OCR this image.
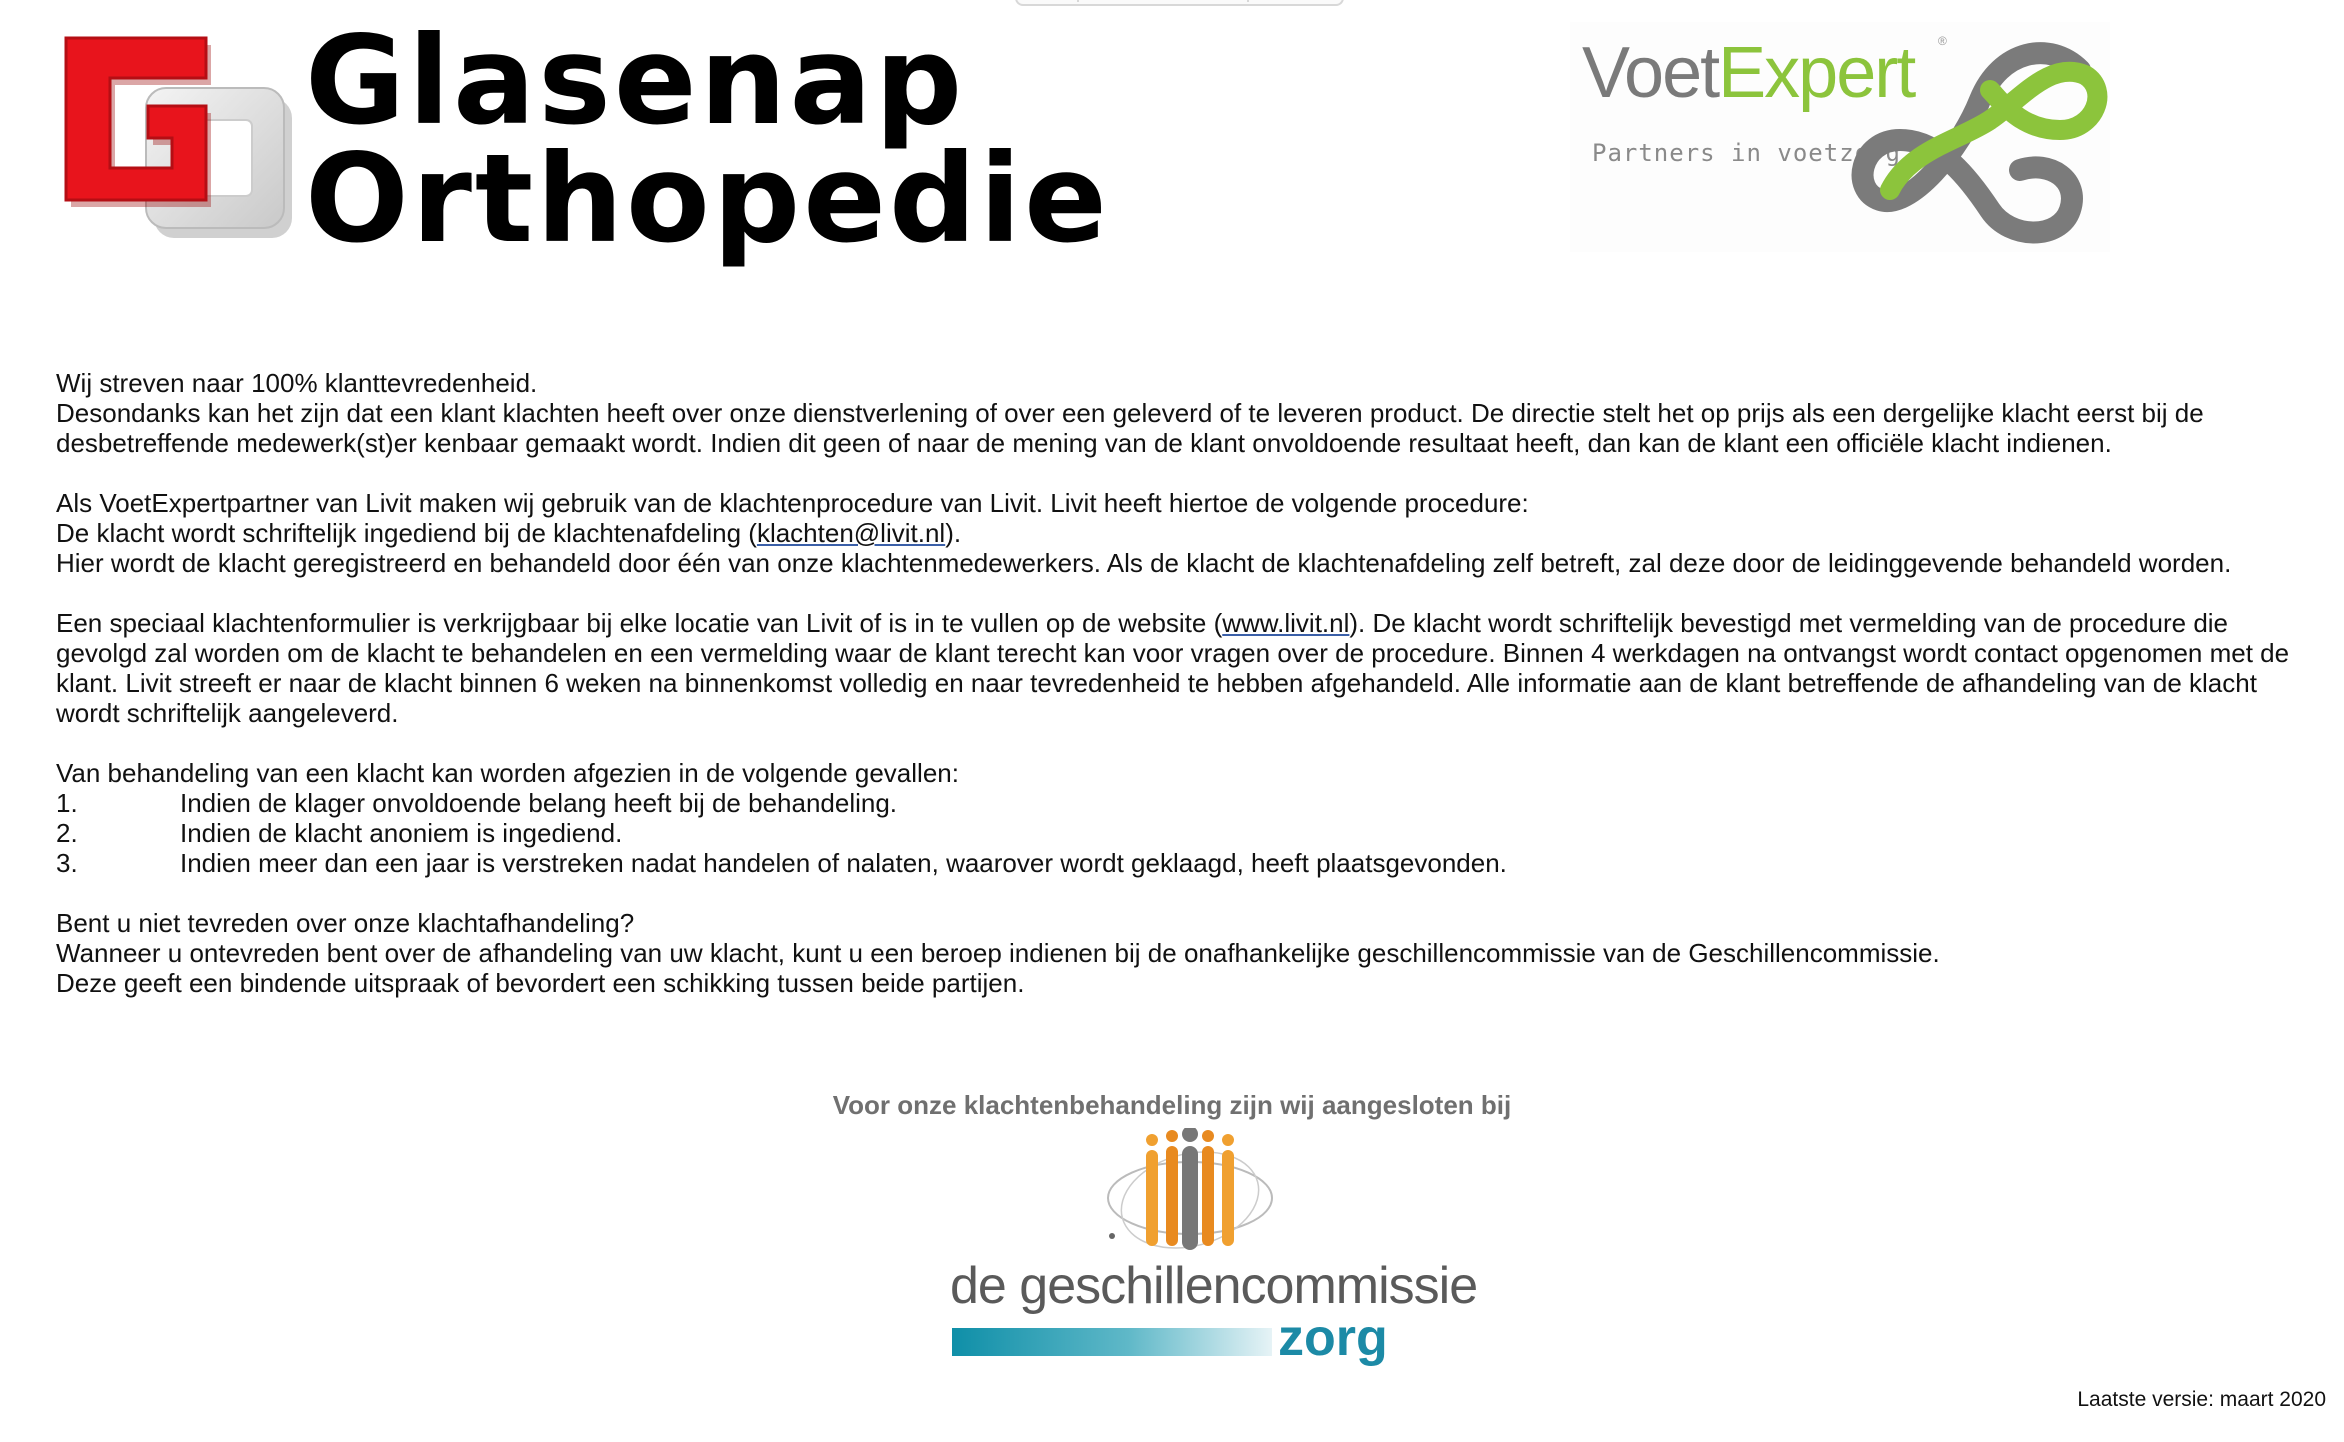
Glasenap
Orthopedie

VoetExpert ®
Partners in voetzorg

Wij streven naar 100% klanttevredenheid.

Desondanks kan het zijn dat een klant klachten heeft over onze dienstverlening of over een geleverd of te leveren product. De directie stelt het op prijs als een dergelijke klacht eerst bij de desbetreffende medewerk(st)er kenbaar gemaakt wordt. Indien dit geen of naar de mening van de klant onvoldoende resultaat heeft, dan kan de klant een officiële klacht indienen.

Als VoetExpertpartner van Livit maken wij gebruik van de klachtenprocedure van Livit. Livit heeft hiertoe de volgende procedure:

De klacht wordt schriftelijk ingediend bij de klachtenafdeling (klachten@livit.nl).

Hier wordt de klacht geregistreerd en behandeld door één van onze klachtenmedewerkers. Als de klacht de klachtenafdeling zelf betreft, zal deze door de leidinggevende behandeld worden.

Een speciaal klachtenformulier is verkrijgbaar bij elke locatie van Livit of is in te vullen op de website (www.livit.nl). De klacht wordt schriftelijk bevestigd met vermelding van de procedure die gevolgd zal worden om de klacht te behandelen en een vermelding waar de klant terecht kan voor vragen over de procedure. Binnen 4 werkdagen na ontvangst wordt contact opgenomen met de klant. Livit streeft er naar de klacht binnen 6 weken na binnenkomst volledig en naar tevredenheid te hebben afgehandeld. Alle informatie aan de klant betreffende de afhandeling van de klacht wordt schriftelijk aangeleverd.

Van behandeling van een klacht kan worden afgezien in de volgende gevallen:

1.	Indien de klager onvoldoende belang heeft bij de behandeling.
2.	Indien de klacht anoniem is ingediend.
3.	Indien meer dan een jaar is verstreken nadat handelen of nalaten, waarover wordt geklaagd, heeft plaatsgevonden.

Bent u niet tevreden over onze klachtafhandeling?

Wanneer u ontevreden bent over de afhandeling van uw klacht, kunt u een beroep indienen bij de onafhankelijke geschillencommissie van de Geschillencommissie.

Deze geeft een bindende uitspraak of bevordert een schikking tussen beide partijen.

Voor onze klachtenbehandeling zijn wij aangesloten bij

de geschillencommissie

zorg

Laatste versie: maart 2020
